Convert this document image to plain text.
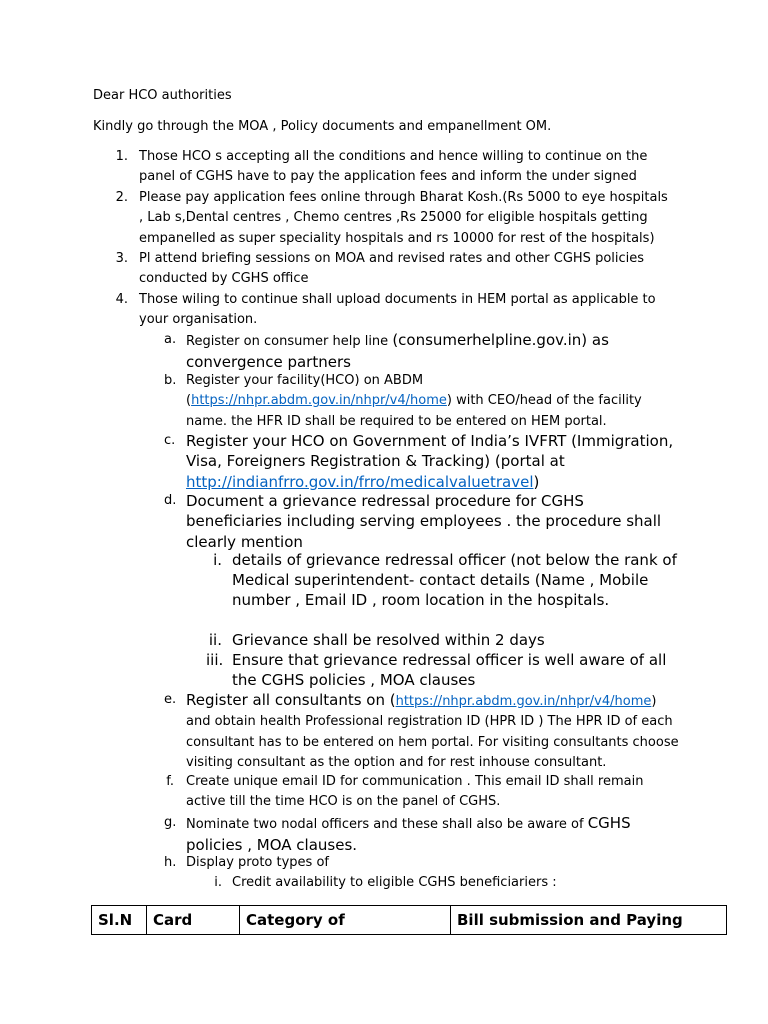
Dear HCO authorities

Kindly go through the MOA , Policy documents and empanellment OM.

1. Those HCO s accepting all the conditions and hence willing to continue on the panel of CGHS have to pay the application fees and inform the under signed
2. Please pay application fees online through Bharat Kosh.(Rs 5000 to eye hospitals , Lab s,Dental centres , Chemo centres ,Rs 25000 for eligible hospitals getting empanelled as super speciality hospitals and rs 10000 for rest of the hospitals)
3. Pl attend briefing sessions on MOA and revised rates and other CGHS policies conducted by CGHS office
4. Those wiling to continue shall upload documents in HEM portal as applicable to your organisation.
a. Register on consumer help line (consumerhelpline.gov.in) as convergence partners
b. Register your facility(HCO) on ABDM (https://nhpr.abdm.gov.in/nhpr/v4/home) with CEO/head of the facility name. the HFR ID shall be required to be entered on HEM portal.
c. Register your HCO on Government of India’s IVFRT (Immigration, Visa, Foreigners Registration & Tracking) (portal at http://indianfrro.gov.in/frro/medicalvaluetravel)
d. Document a grievance redressal procedure for CGHS beneficiaries including serving employees . the procedure shall clearly mention
i. details of grievance redressal officer (not below the rank of Medical superintendent- contact details (Name , Mobile number , Email ID , room location in the hospitals.
ii. Grievance shall be resolved within 2 days
iii. Ensure that grievance redressal officer is well aware of all the CGHS policies , MOA clauses
e. Register all consultants on (https://nhpr.abdm.gov.in/nhpr/v4/home) and obtain health Professional registration ID (HPR ID ) The HPR ID of each consultant has to be entered on hem portal. For visiting consultants choose visiting consultant as the option and for rest inhouse consultant.
f. Create unique email ID for communication . This email ID shall remain active till the time HCO is on the panel of CGHS.
g. Nominate two nodal officers and these shall also be aware of CGHS policies , MOA clauses.
h. Display proto types of
i. Credit availability to eligible CGHS beneficiariers :
Sl.N	Card	Category of	Bill submission and Paying
